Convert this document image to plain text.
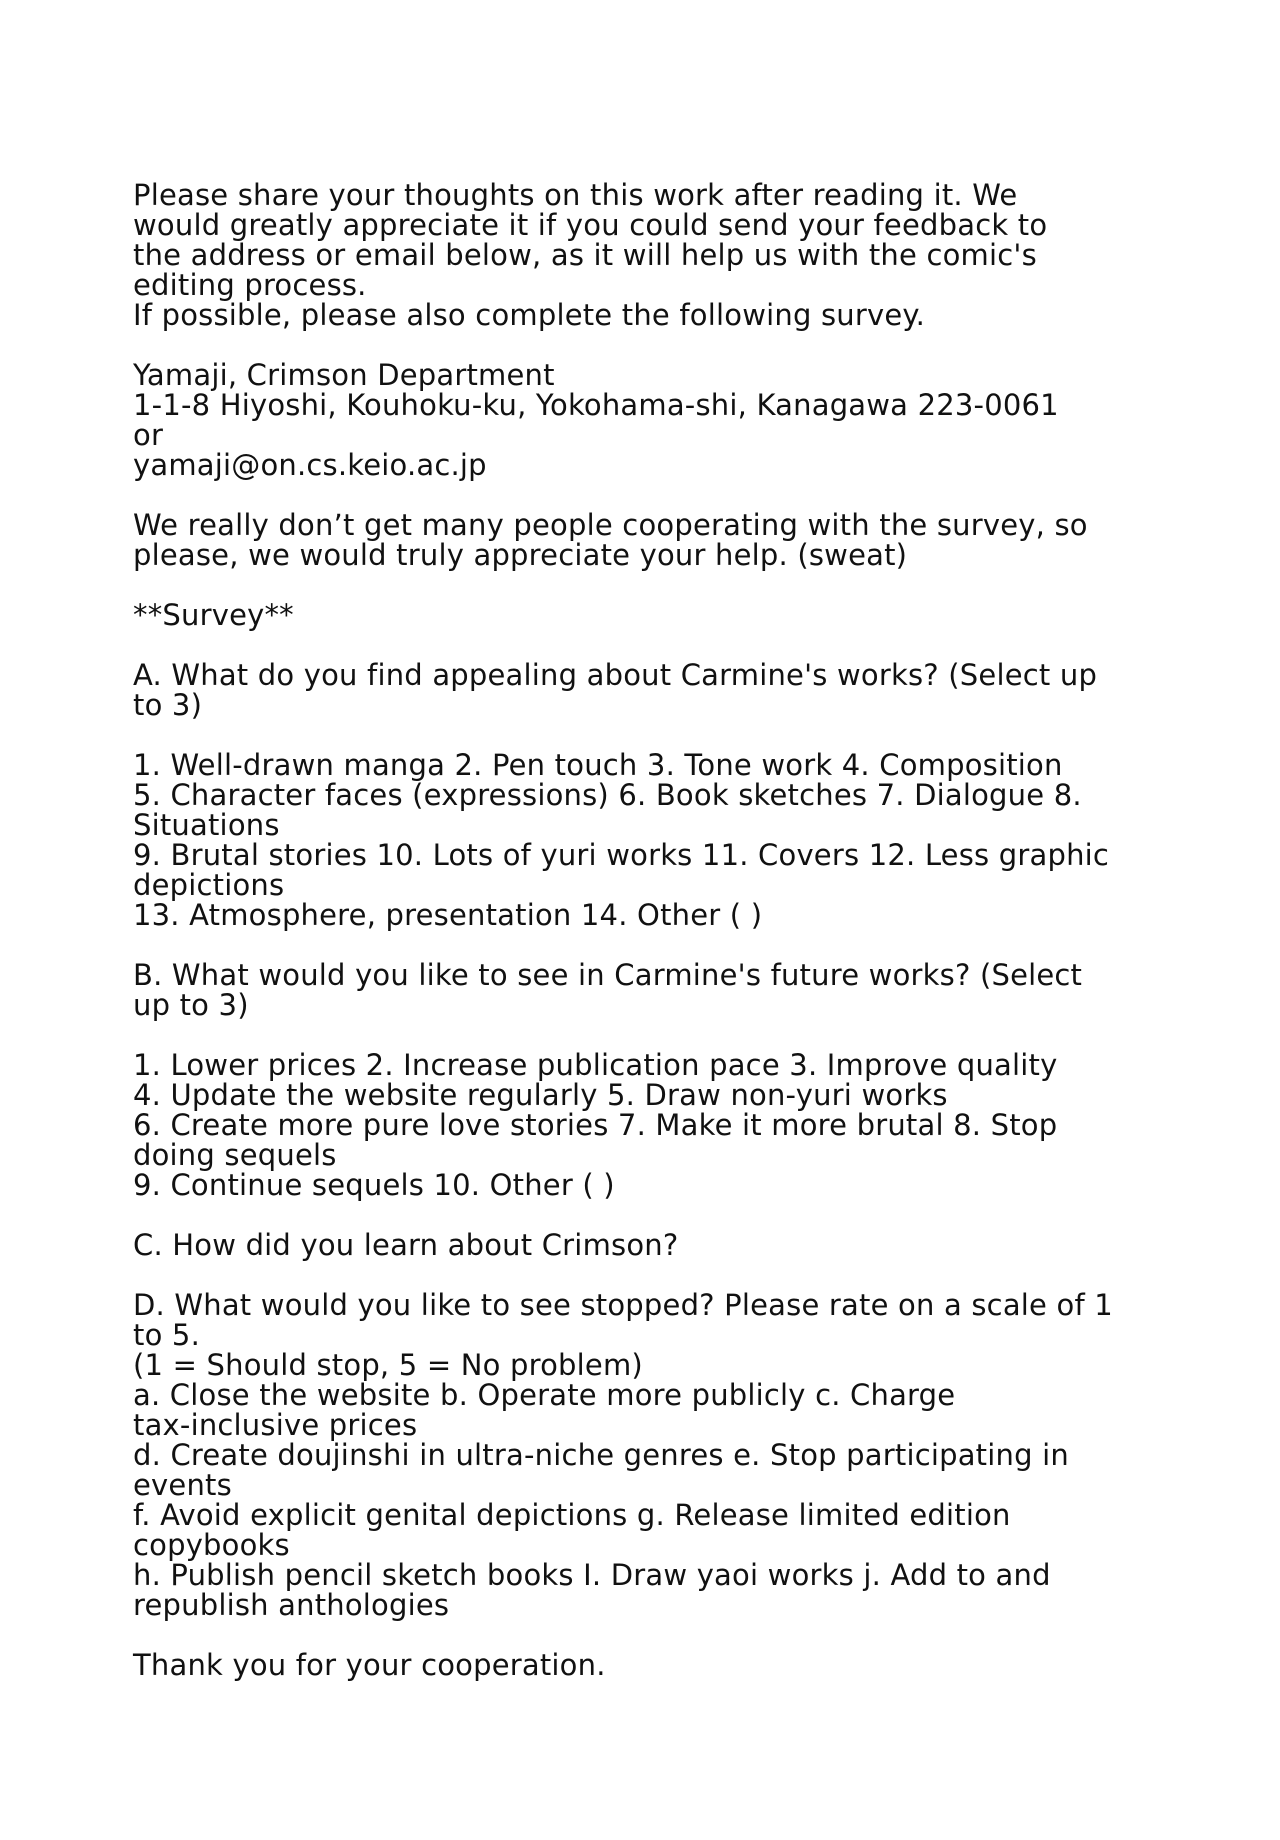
Please share your thoughts on this work after reading it. We
would greatly appreciate it if you could send your feedback to
the address or email below, as it will help us with the comic's
editing process.
If possible, please also complete the following survey.
Yamaji, Crimson Department
1-1-8 Hiyoshi, Kouhoku-ku, Yokohama-shi, Kanagawa 223-0061
or
yamaji@on.cs.keio.ac.jp
We really don’t get many people cooperating with the survey, so
please, we would truly appreciate your help. (sweat)
**Survey**
A. What do you find appealing about Carmine's works? (Select up
to 3)
1. Well-drawn manga 2. Pen touch 3. Tone work 4. Composition
5. Character faces (expressions) 6. Book sketches 7. Dialogue 8.
Situations
9. Brutal stories 10. Lots of yuri works 11. Covers 12. Less graphic
depictions
13. Atmosphere, presentation 14. Other ( )
B. What would you like to see in Carmine's future works? (Select
up to 3)
1. Lower prices 2. Increase publication pace 3. Improve quality
4. Update the website regularly 5. Draw non-yuri works
6. Create more pure love stories 7. Make it more brutal 8. Stop
doing sequels
9. Continue sequels 10. Other ( )
C. How did you learn about Crimson?
D. What would you like to see stopped? Please rate on a scale of 1
to 5.
(1 = Should stop, 5 = No problem)
a. Close the website b. Operate more publicly c. Charge
tax-inclusive prices
d. Create doujinshi in ultra-niche genres e. Stop participating in
events
f. Avoid explicit genital depictions g. Release limited edition
copybooks
h. Publish pencil sketch books I. Draw yaoi works j. Add to and
republish anthologies
Thank you for your cooperation.
